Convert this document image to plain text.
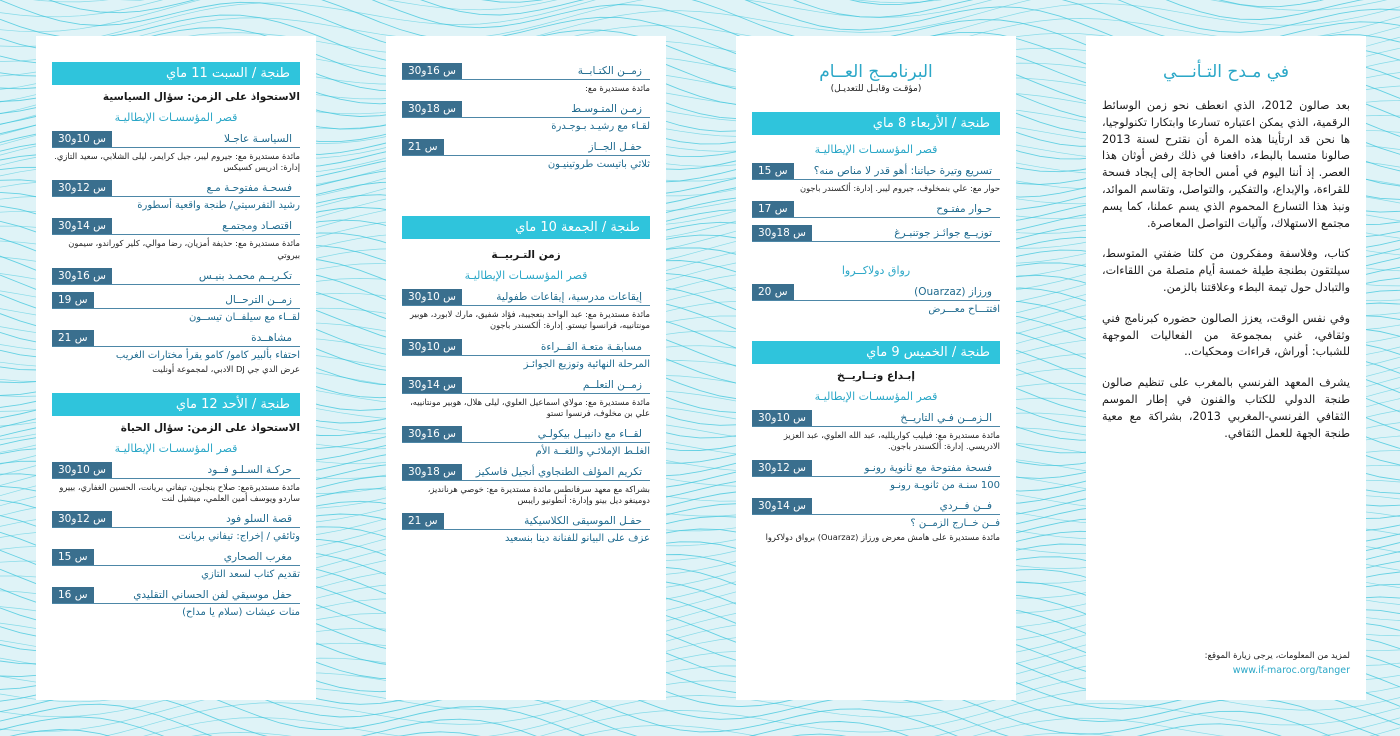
في مـدح التـأنـــي

بعد صالون 2012، الذي انعطف نحو زمن الوسائط الرقمية، الذي يمكن اعتباره تسارعا وابتكارا تكنولوجيا، ها نحن قد ارتأينا هذه المرة أن نقترح لسنة 2013 صالونا متسما بالبطء، دافعنا في ذلك رفض أوثان هذا العصر. إذ أننا اليوم في أمس الحاجة إلى إيجاد فسحة للقراءة، والإبداع، والتفكير، والتواصل، وتقاسم الموائد، ونبذ هذا التسارع المحموم الذي يسم عملنا، كما يسم مجتمع الاستهلاك، وآليات التواصل المعاصرة.

كتاب، وفلاسفة ومفكرون من كلتا ضفتي المتوسط، سيلتقون بطنجة طيلة خمسة أيام متصلة من اللقاءات، والتبادل حول تيمة البطء وعلاقتنا بالزمن.

وفي نفس الوقت، يعزز الصالون حضوره كبرنامج فني وثقافي، غني بمجموعة من الفعاليات الموجهة للشباب: أوراش، قراءات ومحكيات..

يشرف المعهد الفرنسي بالمغرب على تنظيم صالون طنجة الدولي للكتاب والفنون في إطار الموسم الثقافي الفرنسي-المغربي 2013، بشراكة مع معية طنجة الجهة للعمل الثقافي.

لمزيد من المعلومات، يرجى زيارة الموقع:
www.if-maroc.org/tanger
البرنامــج العــام
(مؤقـت وقابـل للتعديـل)
طنجة / الأربعاء 8 ماي
قصر المؤسسـات الإيطاليـة
تسريع وتيرة حياتنا: أهو قدر لا مناص منه؟
س 15
حوار مع: علي بنمخلوف، جيروم ليبر. إدارة: ألكسندر باجون
حـوار مفتـوح
س 17
توزيــع جوائـز جوتنبـرغ
س 18و30
رواق دولاكــروا
ورزاز (Ouarzaz)
س 20
افتتـــاح معـــرض
طنجة / الخميس 9 ماي
إبـداع وتــاريــخ
قصر المؤسسـات الإيطاليـة
الـزمــن فـي التاريــخ
س 10و30
مائدة مستديرة مع: فيليب كواريلليه، عبد الله العلوي، عبد العزيز الادريسي. إدارة: ألكسندر باجون.
فسحة مفتوحة مع ثانوية رونـو
س 12و30
100 سنـة من ثانويـة رونـو
فــن فــردي
س 14و30
فــن خــارج الزمــن ؟
مائدة مستديرة على هامش معرض ورزاز (Ouarzaz) برواق دولاكروا
زمــن الكتـابــة
س 16و30
مائدة مستديرة مع:
زمـن المتـوسـط
س 18و30
لقـاء مع رشيـد بـوجـدرة
حفـل الجــاز
س 21
ثلاثي باتيست طروتينيـون
طنجة / الجمعة 10 ماي
زمن التـربيــة
قصر المؤسسـات الإيطاليـة
إيقاعات مدرسية، إيقاعات طفولية
س 10و30
مائدة مستديرة مع: عبد الواحد بنعجيبة، فؤاد شفيق، مارك لابورد، هوبير مونتانييه، فرانسوا تيستو. إدارة: ألكسندر باجون
مسابقـة متعـة القــراءة
س 10و30
المرحلة النهائية وتوزيع الجوائـز
زمــن التعلــم
س 14و30
مائدة مستديرة مع: مولاي اسماعيل العلوي، ليلى هلال، هوبير مونتانييه، علي بن مخلوف، فرنسوا تستو
لقــاء مع دانييـل بيكولـي
س 16و30
الغلـط الإملائـي واللغــة الأم
تكريم المؤلف الطنجاوي أنجيل فاسكيز
س 18و30
بشراكة مع معهد سرفانطس مائدة مستديرة مع: خوصي هرنانديز، دومينغو ديل بينو وإدارة: أنطونيو رايبس
حفـل الموسيقى الكلاسيكية
س 21
عزف على البيانو للفنانة دينا بنسعيد
طنجة / السبت 11 ماي
الاستحواذ على الزمن: سؤال السياسية
قصر المؤسسـات الإيطاليـة
السياسـة عاجـلا
س 10و30
مائدة مستديرة مع: جيروم ليبر، جيل كرايمر، ليلى الشلابي، سعيد التازي. إدارة: ادريس كسيكس
فسحـة مفتوحـة مـع
س 12و30
رشيد التفرسيتي/ طنجة واقعية أسطورة
اقتصـاد ومجتمـع
س 14و30
مائدة مستديرة مع: حذيفة أمزيان، رضا موالي، كلير كوراندو، سيمون بيروتي
تكـريــم محمـد بنيـس
س 16و30
زمــن الترحــال
س 19
لقــاء مع سيلفــان تيســون
مشاهــدة
س 21
احتفاء بألبير كامو/ كامو يقرأ مختارات الغريب
عرض الدي جي DJ الادبي، لمجموعة أونليت
طنجة / الأحد 12 ماي
الاستحواذ على الزمن: سؤال الحياة
قصر المؤسسـات الإيطاليـة
حركـة السـلـو فــود
س 10و30
مائدة مستديرةمع: صلاح بنجلون، تيفاني بريانت، الحسين الغفاري، بييرو ساردو ويوسف أمين العلمي، ميشيل لنت
قصة السلو فود
س 12و30
وثائقي / إخراج: تيفاني بريانت
مغرب الصحاري
س 15
تقديم كتاب لسعد التازي
حفل موسيقي لفن الحساني التقليدي
س 16
منات عيشات (سلام يا مداح)
